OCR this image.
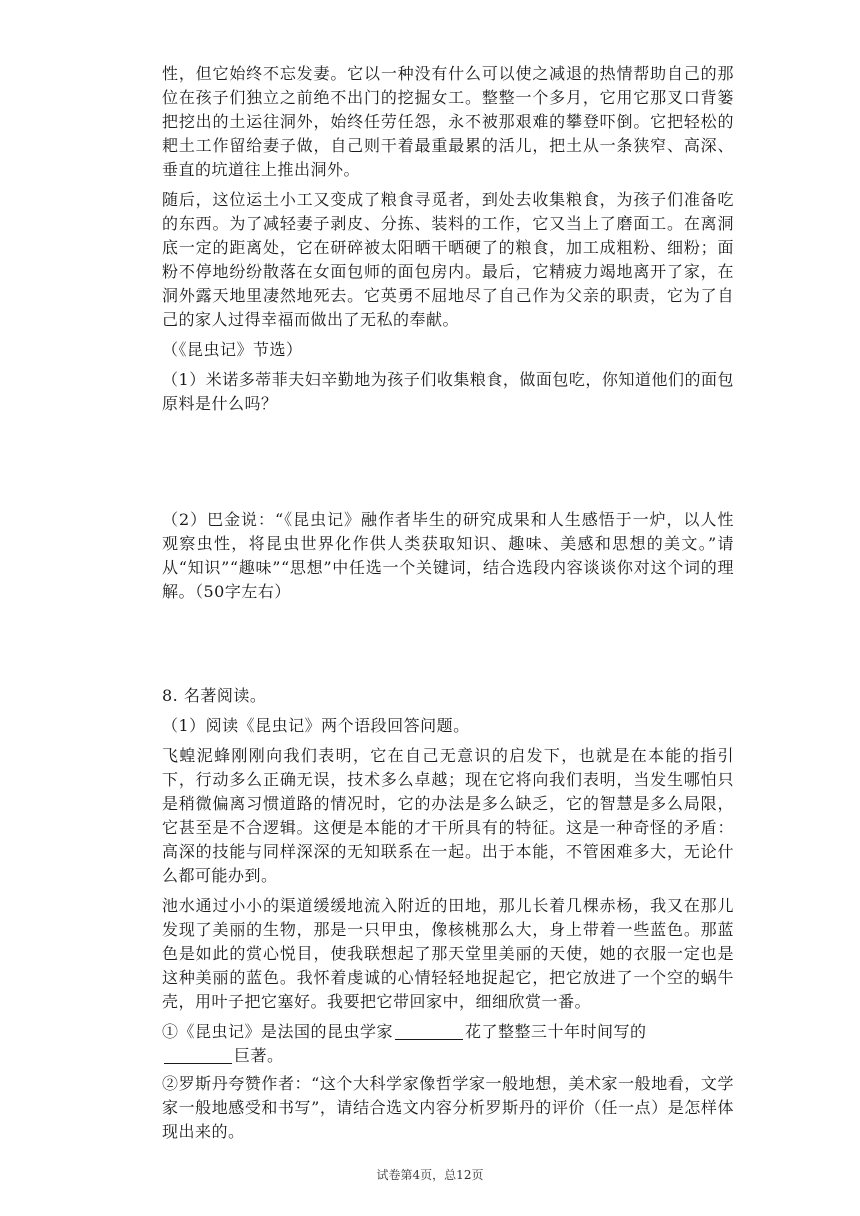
性，但它始终不忘发妻。它以一种没有什么可以使之减退的热情帮助自己的那位在孩子们独立之前绝不出门的挖掘女工。整整一个多月，它用它那叉口背篓把挖出的土运往洞外，始终任劳任怨，永不被那艰难的攀登吓倒。它把轻松的耙土工作留给妻子做，自己则干着最重最累的活儿，把土从一条狭窄、高深、垂直的坑道往上推出洞外。

随后，这位运土小工又变成了粮食寻觅者，到处去收集粮食，为孩子们准备吃的东西。为了减轻妻子剥皮、分拣、装料的工作，它又当上了磨面工。在离洞底一定的距离处，它在研碎被太阳晒干晒硬了的粮食，加工成粗粉、细粉；面粉不停地纷纷散落在女面包师的面包房内。最后，它精疲力竭地离开了家，在洞外露天地里凄然地死去。它英勇不屈地尽了自己作为父亲的职责，它为了自己的家人过得幸福而做出了无私的奉献。

（《昆虫记》节选）

（1）米诺多蒂菲夫妇辛勤地为孩子们收集粮食，做面包吃，你知道他们的面包原料是什么吗？

（2）巴金说：“《昆虫记》融作者毕生的研究成果和人生感悟于一炉，以人性观察虫性，将昆虫世界化作供人类获取知识、趣味、美感和思想的美文。”请从“知识”“趣味”“思想”中任选一个关键词，结合选段内容谈谈你对这个词的理解。（50字左右）

8. 名著阅读。

（1）阅读《昆虫记》两个语段回答问题。

飞蝗泥蜂刚刚向我们表明，它在自己无意识的启发下，也就是在本能的指引下，行动多么正确无误，技术多么卓越；现在它将向我们表明，当发生哪怕只是稍微偏离习惯道路的情况时，它的办法是多么缺乏，它的智慧是多么局限，它甚至是不合逻辑。这便是本能的才干所具有的特征。这是一种奇怪的矛盾：高深的技能与同样深深的无知联系在一起。出于本能，不管困难多大，无论什么都可能办到。

池水通过小小的渠道缓缓地流入附近的田地，那儿长着几棵赤杨，我又在那儿发现了美丽的生物，那是一只甲虫，像核桃那么大，身上带着一些蓝色。那蓝色是如此的赏心悦目，使我联想起了那天堂里美丽的天使，她的衣服一定也是这种美丽的蓝色。我怀着虔诚的心情轻轻地捉起它，把它放进了一个空的蜗牛壳，用叶子把它塞好。我要把它带回家中，细细欣赏一番。

①《昆虫记》是法国的昆虫学家	花了整整三十年时间写的
巨著。

②罗斯丹夸赞作者：“这个大科学家像哲学家一般地想，美术家一般地看，文学家一般地感受和书写”，请结合选文内容分析罗斯丹的评价（任一点）是怎样体现出来的。

试卷第4页，总12页
